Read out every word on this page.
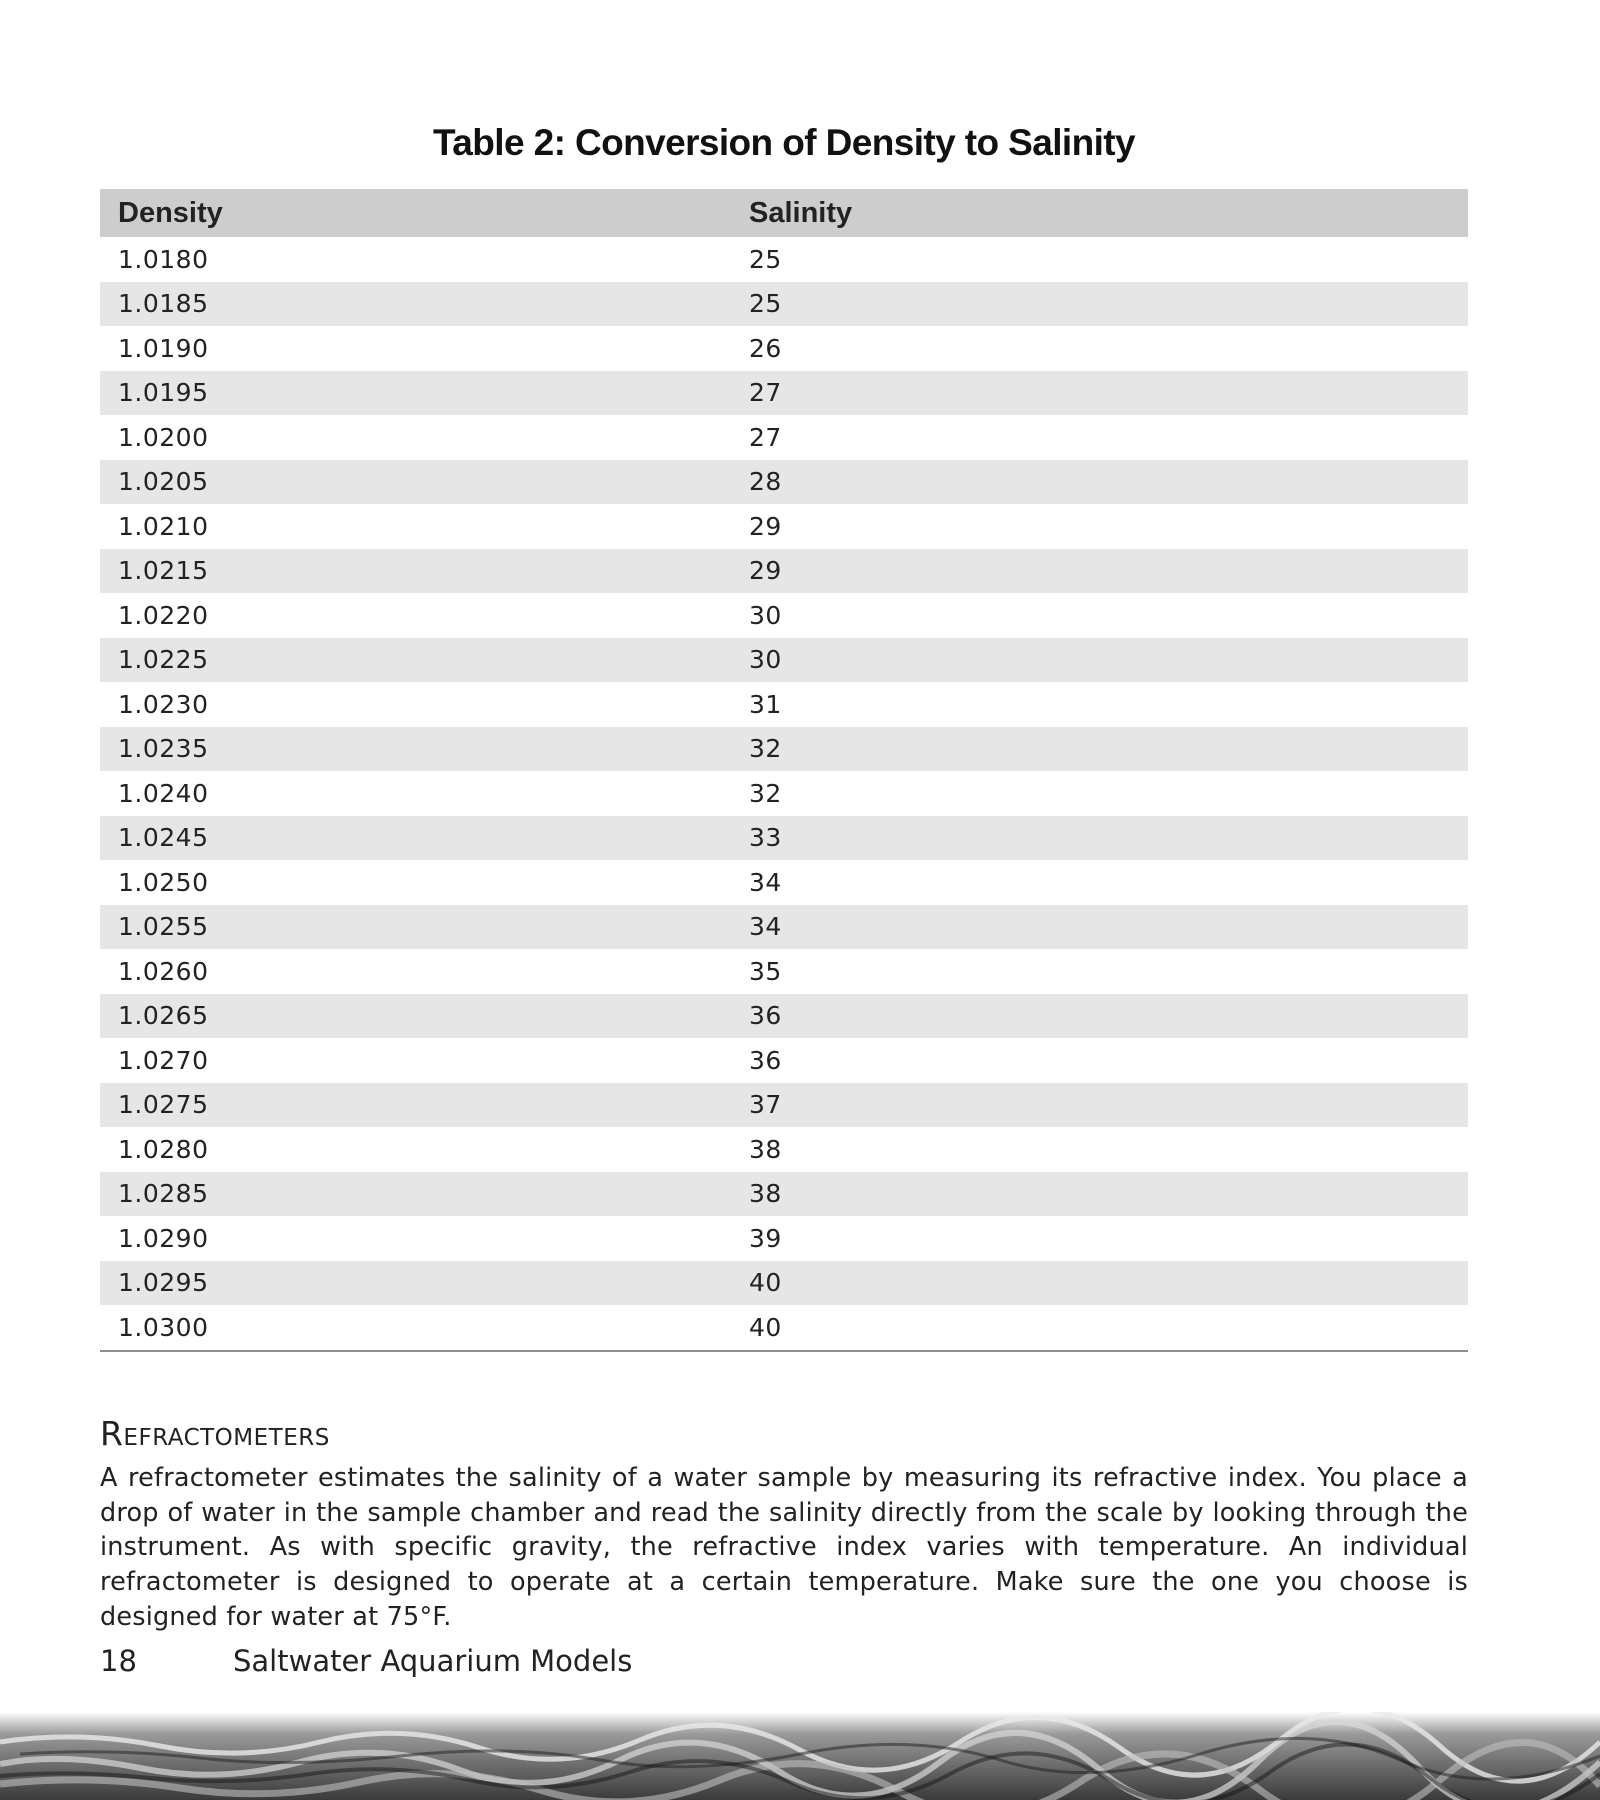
Table 2: Conversion of Density to Salinity
Density	Salinity
1.0180	25
1.0185	25
1.0190	26
1.0195	27
1.0200	27
1.0205	28
1.0210	29
1.0215	29
1.0220	30
1.0225	30
1.0230	31
1.0235	32
1.0240	32
1.0245	33
1.0250	34
1.0255	34
1.0260	35
1.0265	36
1.0270	36
1.0275	37
1.0280	38
1.0285	38
1.0290	39
1.0295	40
1.0300	40
Refractometers
A refractometer estimates the salinity of a water sample by measuring its refractive index. You place a drop of water in the sample chamber and read the salinity directly from the scale by looking through the instrument. As with specific gravity, the refractive index varies with temperature. An individual refractometer is designed to operate at a certain temperature. Make sure the one you choose is designed for water at 75°F.
18	Saltwater Aquarium Models
